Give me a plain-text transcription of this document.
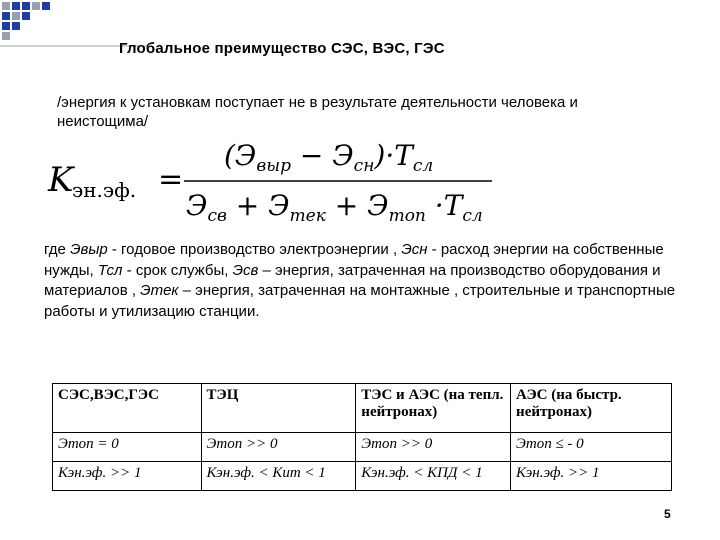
Глобальное преимущество СЭС, ВЭС, ГЭС
/энергия к установкам поступает не в результате деятельности человека и неистощима/
K
эн.эф. =
$(Э_{выр} - Э_{сн})\cdot T_{сл}$
$Э_{св} + Э_{тек} + Э_{топ} \cdot T_{сл}$
где Эвыр - годовое производство электроэнергии , Эсн - расход энергии на собственные нужды, Тсл - срок службы, Эсв – энергия, затраченная на производство оборудования и материалов , Этек – энергия, затраченная на монтажные , строительные и транспортные работы и утилизацию станции.
СЭС,ВЭС,ГЭС	ТЭЦ	ТЭС и АЭС (на тепл. нейтронах)	АЭС (на быстр. нейтронах)
Этоп = 0	Этоп >> 0	Этоп >> 0	Этоп ≤ - 0
Кэн.эф. >> 1	Кэн.эф. < Кит < 1	Кэн.эф. < КПД < 1	Кэн.эф. >> 1
5
